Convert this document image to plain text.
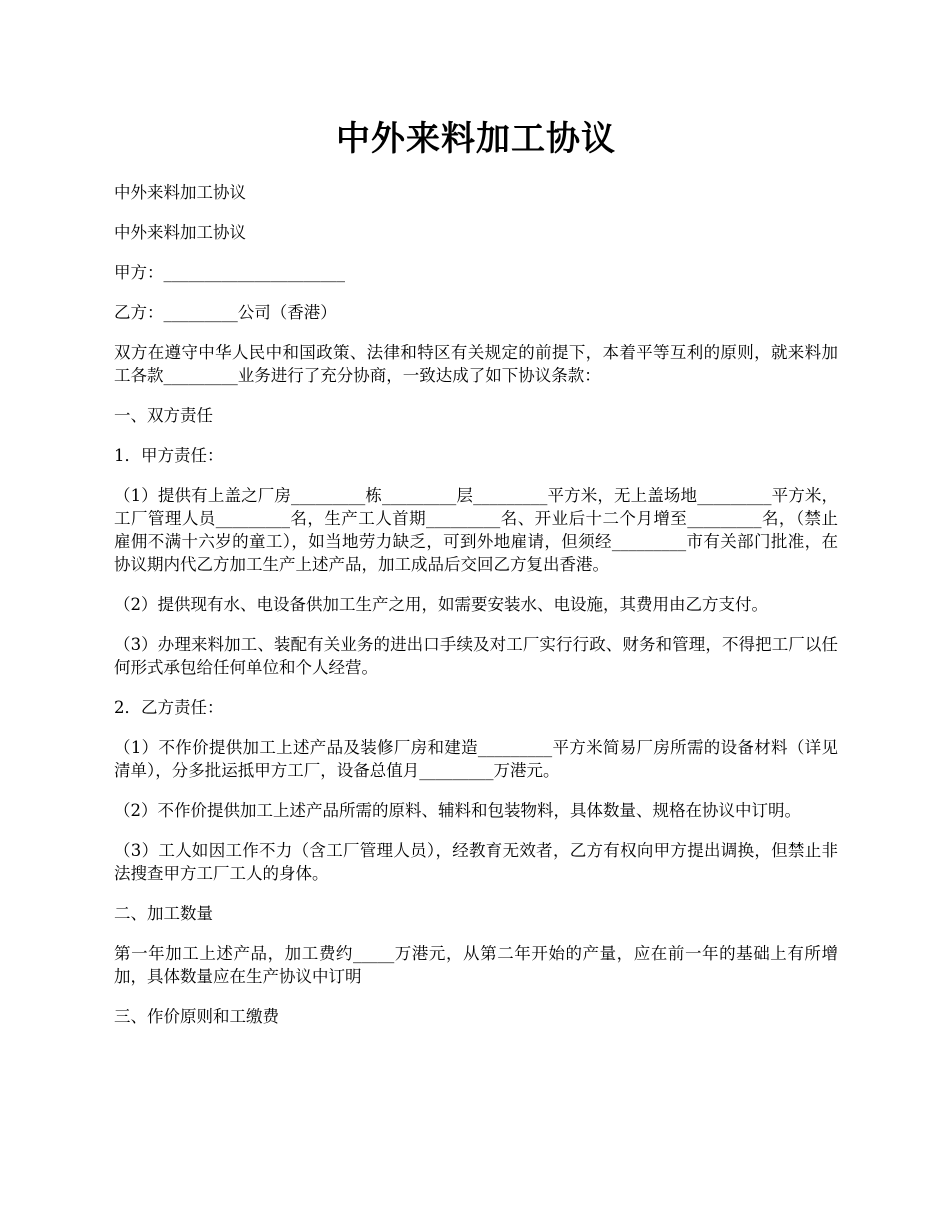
中外来料加工协议

中外来料加工协议

中外来料加工协议

甲方：______________________

乙方：_________公司（香港）

双方在遵守中华人民中和国政策、法律和特区有关规定的前提下，本着平等互利的原则，就来料加工各款_________业务进行了充分协商，一致达成了如下协议条款：

一、双方责任

1．甲方责任：

（1）提供有上盖之厂房_________栋_________层_________平方米，无上盖场地_________平方米，工厂管理人员_________名，生产工人首期_________名、开业后十二个月增至_________名，（禁止雇佣不满十六岁的童工），如当地劳力缺乏，可到外地雇请，但须经_________市有关部门批准，在协议期内代乙方加工生产上述产品，加工成品后交回乙方复出香港。

（2）提供现有水、电设备供加工生产之用，如需要安装水、电设施，其费用由乙方支付。

（3）办理来料加工、装配有关业务的进出口手续及对工厂实行行政、财务和管理，不得把工厂以任何形式承包给任何单位和个人经营。

2．乙方责任：

（1）不作价提供加工上述产品及装修厂房和建造_________平方米简易厂房所需的设备材料（详见清单），分多批运抵甲方工厂，设备总值月_________万港元。

（2）不作价提供加工上述产品所需的原料、辅料和包装物料，具体数量、规格在协议中订明。

（3）工人如因工作不力（含工厂管理人员），经教育无效者，乙方有权向甲方提出调换，但禁止非法搜查甲方工厂工人的身体。

二、加工数量

第一年加工上述产品，加工费约_____万港元，从第二年开始的产量，应在前一年的基础上有所增加，具体数量应在生产协议中订明

三、作价原则和工缴费
